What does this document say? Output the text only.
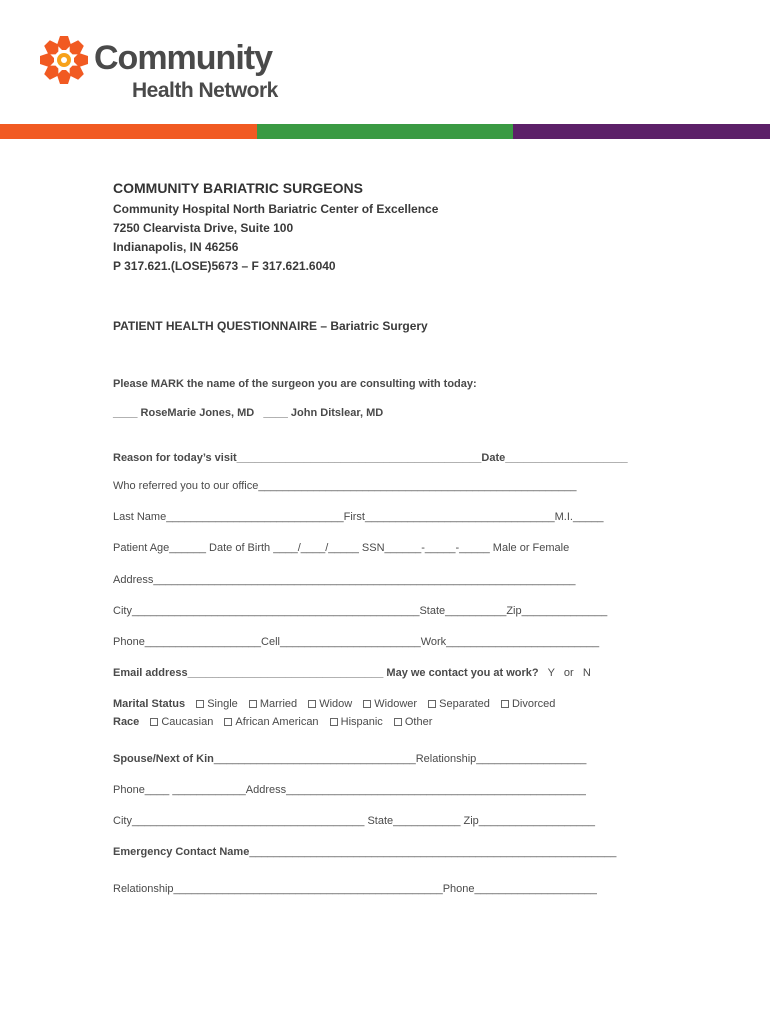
Community
Health Network
COMMUNITY BARIATRIC SURGEONS
Community Hospital North Bariatric Center of Excellence
7250 Clearvista Drive, Suite 100
Indianapolis, IN 46256
P 317.621.(LOSE)5673 – F 317.621.6040
PATIENT HEALTH QUESTIONNAIRE – Bariatric Surgery
Please MARK the name of the surgeon you are consulting with today:
____ RoseMarie Jones, MD   ____ John Ditslear, MD
Reason for today’s visit________________________________________Date____________________
Who referred you to our office____________________________________________________
Last Name_____________________________First_______________________________M.I._____
Patient Age______ Date of Birth ____/____/_____ SSN______-_____-_____ Male or Female
Address_____________________________________________________________________
City_______________________________________________State__________Zip______________
Phone___________________Cell_______________________Work_________________________
Email address________________________________ May we contact you at work?   Y   or   N
Marital Status Single Married Widow Widower Separated Divorced
Race Caucasian African American Hispanic Other
Spouse/Next of Kin_________________________________Relationship__________________
Phone____ ____________Address_________________________________________________
City______________________________________ State___________ Zip___________________
Emergency Contact Name____________________________________________________________
Relationship____________________________________________Phone____________________
